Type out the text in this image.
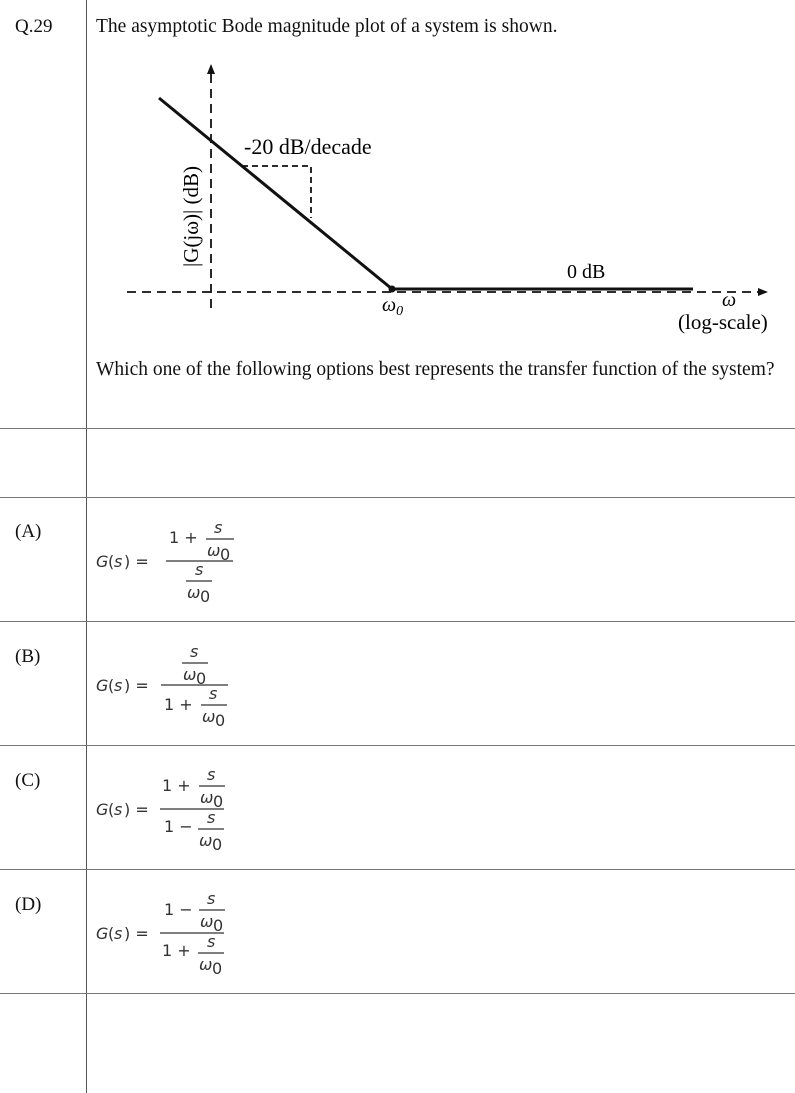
Q.29 The asymptotic Bode magnitude plot of a system is shown.
-20 dB/decade
0 dB
|G(jω)| (dB)
$\omega_0$
ω
(log-scale)
Which one of the following options best represents the transfer function of the system?
(A)
G ( s ) =
1 +
s
ω 0
s
ω 0
(B)
G ( s ) =
s
ω 0
1 +
s
ω 0
(C)
G ( s ) =
1 +
s
ω 0
1 − s
ω 0
(D)
G ( s ) =
1 −
s
ω 0
1 + s
ω 0
